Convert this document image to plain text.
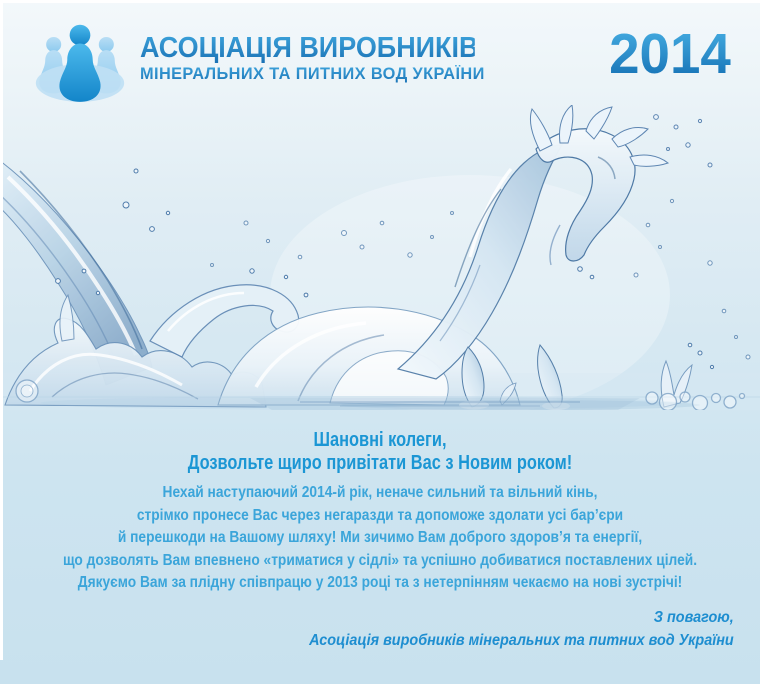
АСОЦІАЦІЯ ВИРОБНИКІВ
МІНЕРАЛЬНИХ ТА ПИТНИХ ВОД УКРАЇНИ 2014
Шановні колеги,
Дозвольте щиро привітати Вас з Новим роком!
Нехай наступаючий 2014-й рік, неначе сильний та вільний кінь,
стрімко пронесе Вас через негаразди та допоможе здолати усі бар’єри
й перешкоди на Вашому шляху! Ми зичимо Вам доброго здоров’я та енергії,
що дозволять Вам впевнено «триматися у сідлі» та успішно добиватися поставлених цілей.
Дякуємо Вам за плідну співпрацю у 2013 році та з нетерпінням чекаємо на нові зустрічі!
З повагою,
Асоціація виробників мінеральних та питних вод України
